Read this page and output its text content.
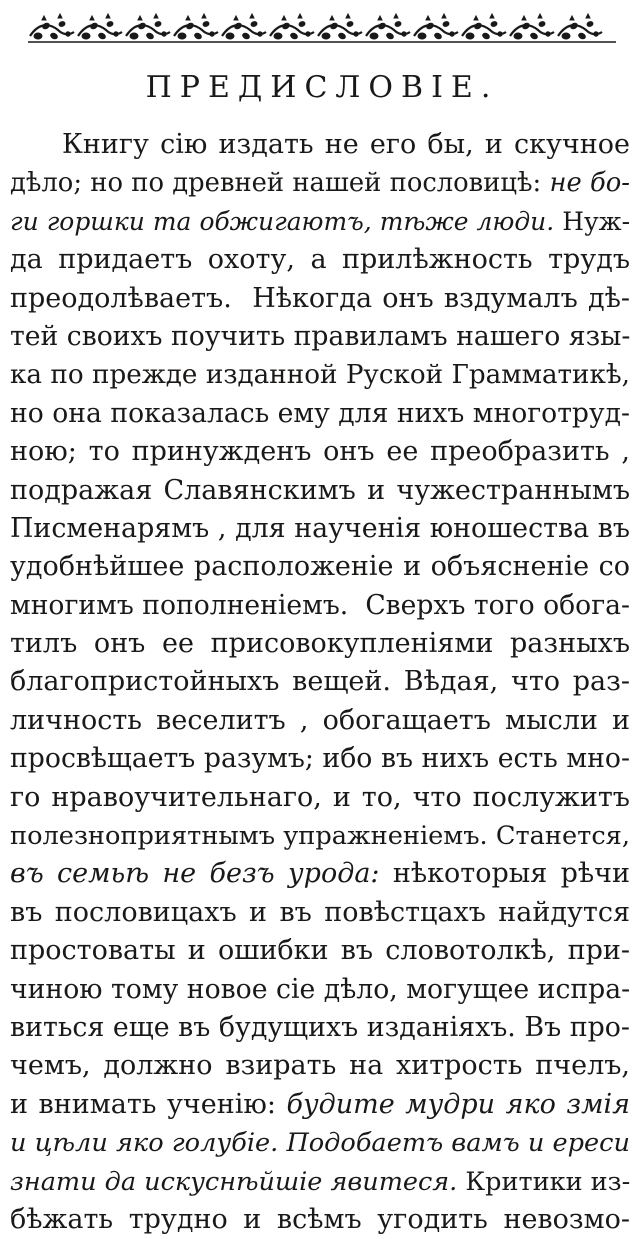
ПРЕДИСЛОВІЕ.
Книгу сію издать не его бы, и скучное
дѣло; но по древней нашей пословицѣ: не бо-
ги горшки та обжигаютъ, тѣже люди. Нуж-
да придаетъ охоту, а прилѣжность трудъ
преодолѣваетъ.  Нѣкогда онъ вздумалъ дѣ-
тей своихъ поучить правиламъ нашего язы-
ка по прежде изданной Руской Грамматикѣ,
но она показалась ему для нихъ многотруд-
ною; то принужденъ онъ ее преобразить ,
подражая Славянскимъ и чужестраннымъ
Писменарямъ , для наученія юношества въ
удобнѣйшее расположеніе и объясненіе со
многимъ пополненіемъ.  Сверхъ того обога-
тилъ онъ ее присовокупленіями разныхъ
благопристойныхъ вещей. Вѣдая, что раз-
личность веселитъ , обогащаетъ мысли и
просвѣщаетъ разумъ; ибо въ нихъ есть мно-
го нравоучительнаго, и то, что послужитъ
полезноприятнымъ упражненіемъ. Станется,
въ семьѣ не безъ урода: нѣкоторыя рѣчи
въ пословицахъ и въ повѣстцахъ найдутся
простоваты и ошибки въ словотолкѣ, при-
чиною тому новое сіе дѣло, могущее испра-
виться еще въ будущихъ изданіяхъ. Въ про-
чемъ, должно взирать на хитрость пчелъ,
и внимать ученію: будите мудри яко змія
и цѣли яко голубіе. Подобаетъ вамъ и ереси
знати да искуснѣйшіе явитеся. Критики из-
бѣжать трудно и всѣмъ угодить невозмо-
